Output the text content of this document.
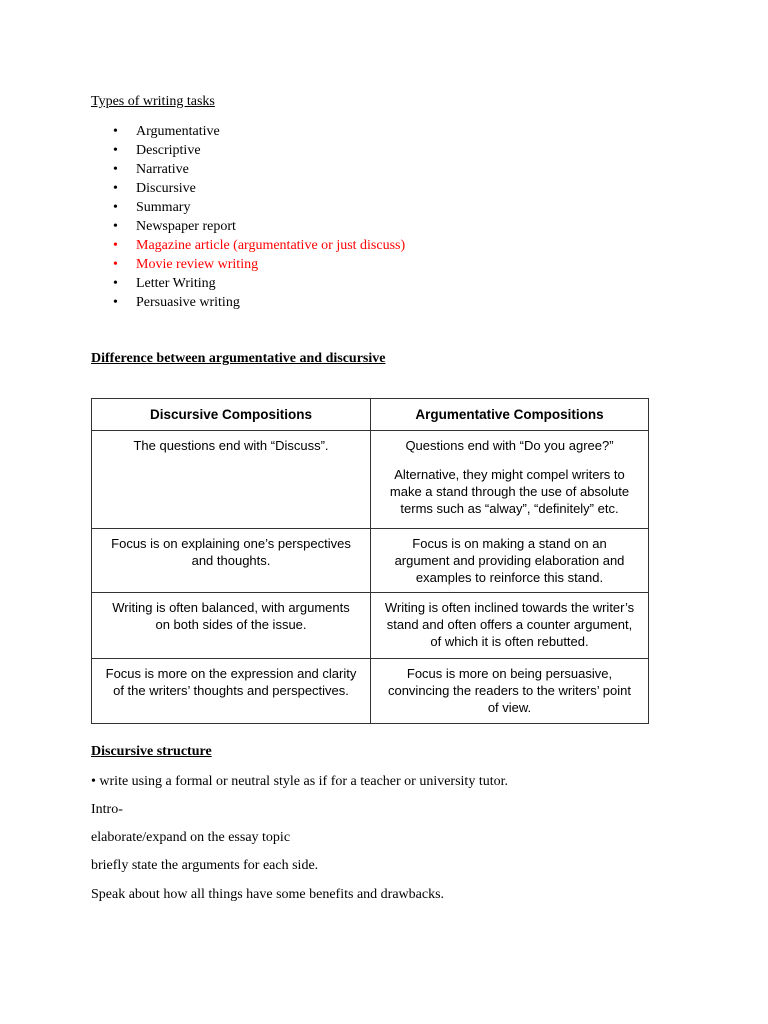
Types of writing tasks
• Argumentative
• Descriptive
• Narrative
• Discursive
• Summary
• Newspaper report
• Magazine article (argumentative or just discuss)
• Movie review writing
• Letter Writing
• Persuasive writing
Difference between argumentative and discursive
Discursive Compositions	Argumentative Compositions

The questions end with “Discuss”.	Questions end with “Do you agree?”
Alternative, they might compel writers to
make a stand through the use of absolute
terms such as “alway”, “definitely” etc.

Focus is on explaining one’s perspectives
and thoughts.	Focus is on making a stand on an
argument and providing elaboration and
examples to reinforce this stand.

Writing is often balanced, with arguments
on both sides of the issue.	Writing is often inclined towards the writer’s
stand and often offers a counter argument,
of which it is often rebutted.

Focus is more on the expression and clarity
of the writers’ thoughts and perspectives.	Focus is more on being persuasive,
convincing the readers to the writers’ point
of view.
Discursive structure

• write using a formal or neutral style as if for a teacher or university tutor.

Intro-

elaborate/expand on the essay topic

briefly state the arguments for each side.

Speak about how all things have some benefits and drawbacks.
